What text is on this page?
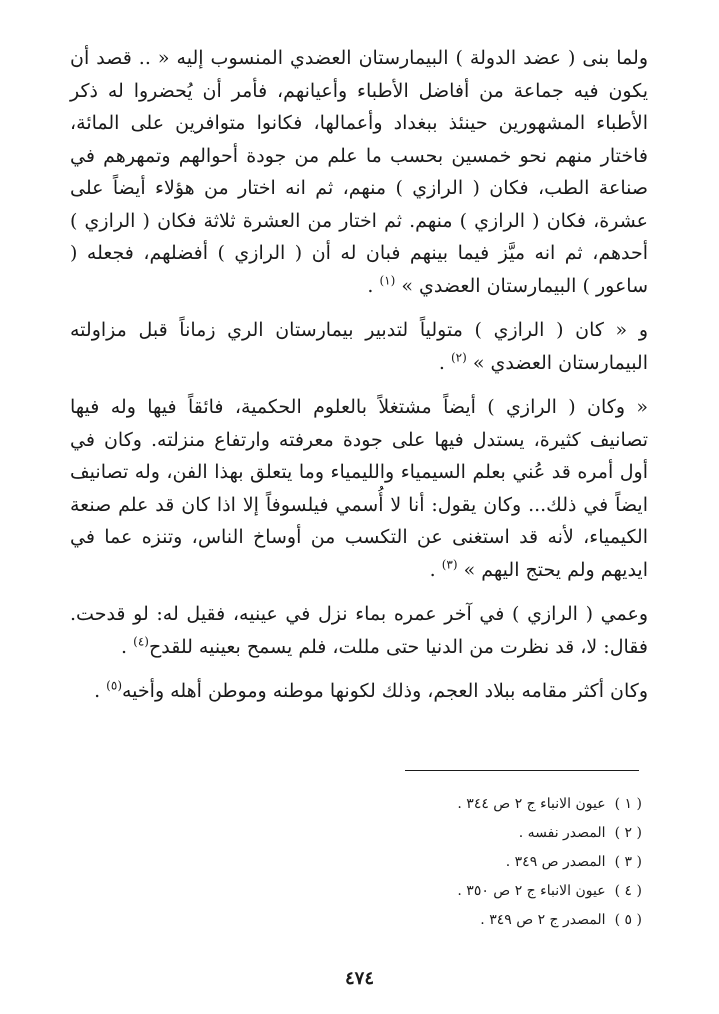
ولما بنى ( عضد الدولة ) البيمارستان العضدي المنسوب إليه « .. قصد أن يكون فيه جماعة من أفاضل الأطباء وأعيانهم، فأمر أن يُحضروا له ذكر الأطباء المشهورين حينئذ ببغداد وأعمالها، فكانوا متوافرين على المائة، فاختار منهم نحو خمسين بحسب ما علم من جودة أحوالهم وتمهرهم في صناعة الطب، فكان ( الرازي ) منهم، ثم انه اختار من هؤلاء أيضاً على عشرة، فكان ( الرازي ) منهم. ثم اختار من العشرة ثلاثة فكان ( الرازي ) أحدهم، ثم انه ميَّز فيما بينهم فبان له أن ( الرازي ) أفضلهم، فجعله ( ساعور ) البيمارستان العضدي » $^{(١)}$ .

و « كان ( الرازي ) متولياً لتدبير بيمارستان الري زماناً قبل مزاولته البيمارستان العضدي » $^{(٢)}$ .

« وكان ( الرازي ) أيضاً مشتغلاً بالعلوم الحكمية، فائقاً فيها وله فيها تصانيف كثيرة، يستدل فيها على جودة معرفته وارتفاع منزلته. وكان في أول أمره قد عُني بعلم السيمياء والليمياء وما يتعلق بهذا الفن، وله تصانيف ايضاً في ذلك... وكان يقول: أنا لا أُسمي فيلسوفاً إلا اذا كان قد علم صنعة الكيمياء، لأنه قد استغنى عن التكسب من أوساخ الناس، وتنزه عما في ايديهم ولم يحتج اليهم » $^{(٣)}$ .

وعمي ( الرازي ) في آخر عمره بماء نزل في عينيه، فقيل له: لو قدحت. فقال: لا، قد نظرت من الدنيا حتى مللت، فلم يسمح بعينيه للقدح$^{(٤)}$ .

وكان أكثر مقامه ببلاد العجم، وذلك لكونها موطنه وموطن أهله وأخيه$^{(٥)}$ .

( ١ ) عيون الانباء ج ٢ ص ٣٤٤ .
( ٢ ) المصدر نفسه .
( ٣ ) المصدر ص ٣٤٩ .
( ٤ ) عيون الانباء ج ٢ ص ٣٥٠ .
( ٥ ) المصدر ج ٢ ص ٣٤٩ .
٤٧٤
